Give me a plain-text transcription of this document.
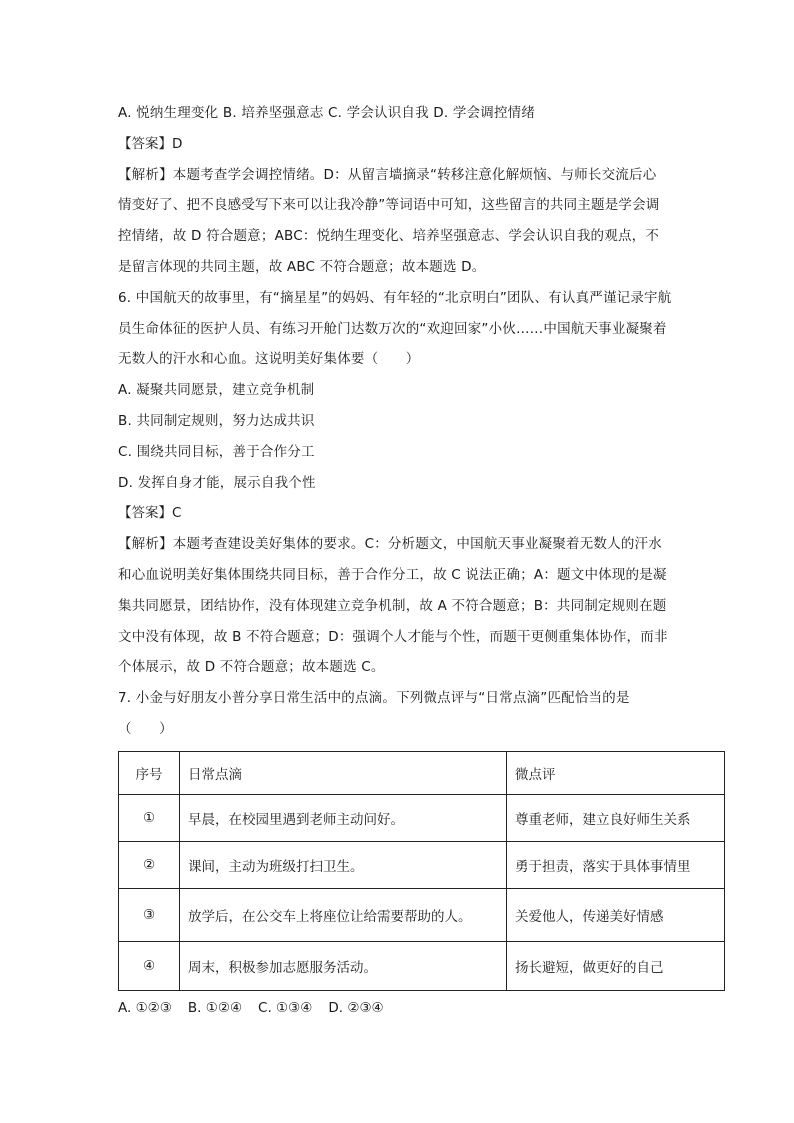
A. 悦纳生理变化 B. 培养坚强意志 C. 学会认识自我 D. 学会调控情绪
【答案】D
【解析】本题考查学会调控情绪。D：从留言墙摘录“转移注意化解烦恼、与师长交流后心
情变好了、把不良感受写下来可以让我冷静”等词语中可知，这些留言的共同主题是学会调
控情绪，故 D 符合题意；ABC：悦纳生理变化、培养坚强意志、学会认识自我的观点，不
是留言体现的共同主题，故 ABC 不符合题意；故本题选 D。
6. 中国航天的故事里，有“摘星星”的妈妈、有年轻的“北京明白”团队、有认真严谨记录宇航
员生命体征的医护人员、有练习开舱门达数万次的“欢迎回家”小伙……中国航天事业凝聚着
无数人的汗水和心血。这说明美好集体要（　　）
A. 凝聚共同愿景，建立竞争机制
B. 共同制定规则，努力达成共识
C. 围绕共同目标，善于合作分工
D. 发挥自身才能，展示自我个性
【答案】C
【解析】本题考查建设美好集体的要求。C：分析题文，中国航天事业凝聚着无数人的汗水
和心血说明美好集体围绕共同目标，善于合作分工，故 C 说法正确；A：题文中体现的是凝
集共同愿景，团结协作，没有体现建立竞争机制，故 A 不符合题意；B：共同制定规则在题
文中没有体现，故 B 不符合题意；D：强调个人才能与个性，而题干更侧重集体协作，而非
个体展示，故 D 不符合题意；故本题选 C。
7. 小金与好朋友小普分享日常生活中的点滴。下列微点评与“日常点滴”匹配恰当的是
（　　）
序号	日常点滴	微点评
①	早晨，在校园里遇到老师主动问好。	尊重老师，建立良好师生关系
②	课间，主动为班级打扫卫生。	勇于担责，落实于具体事情里
③	放学后，在公交车上将座位让给需要帮助的人。	关爱他人，传递美好情感
④	周末，积极参加志愿服务活动。	扬长避短，做更好的自己
A. ①②③ B. ①②④ C. ①③④ D. ②③④
